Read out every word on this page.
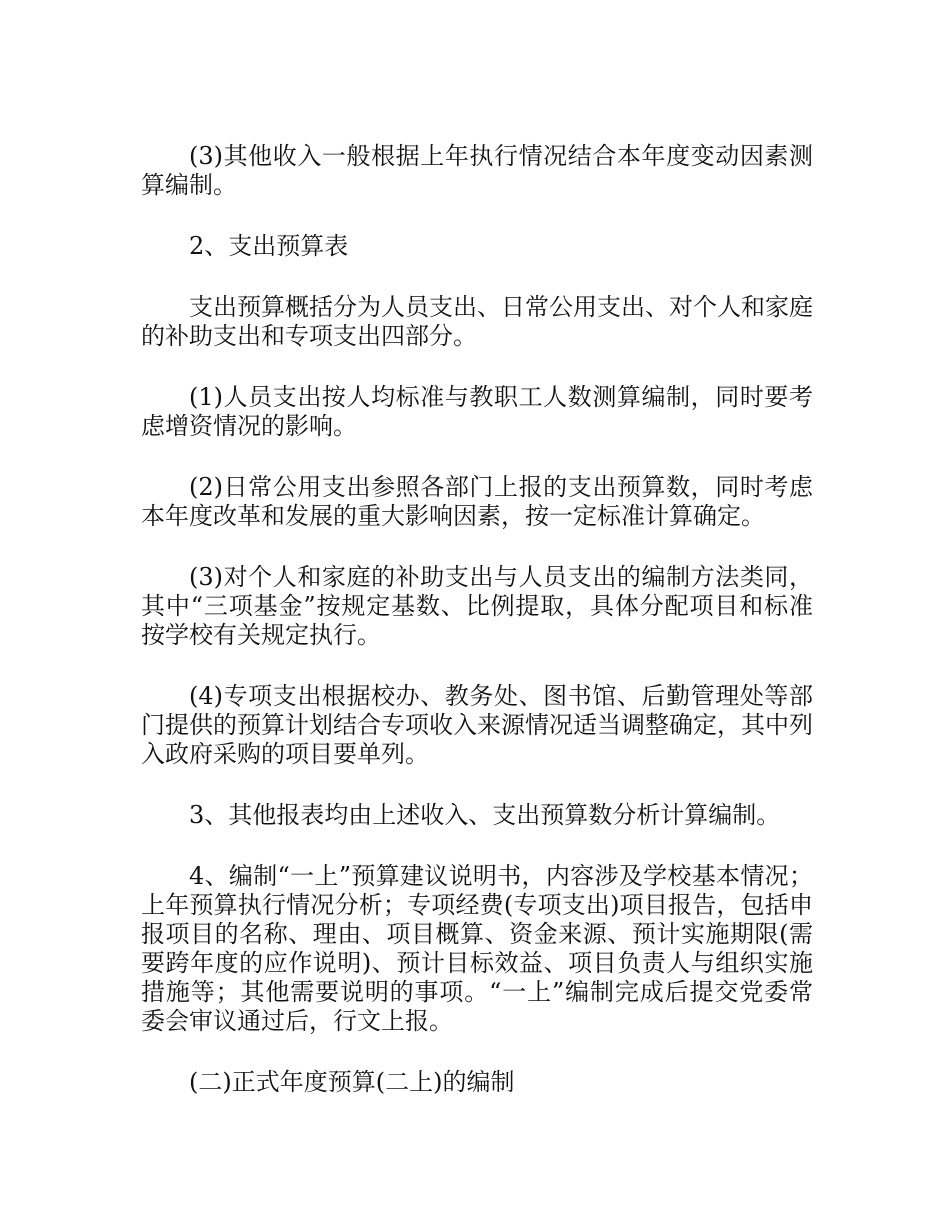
(3)其他收入一般根据上年执行情况结合本年度变动因素测算编制。

2、支出预算表

支出预算概括分为人员支出、日常公用支出、对个人和家庭的补助支出和专项支出四部分。

(1)人员支出按人均标准与教职工人数测算编制，同时要考虑增资情况的影响。

(2)日常公用支出参照各部门上报的支出预算数，同时考虑本年度改革和发展的重大影响因素，按一定标准计算确定。

(3)对个人和家庭的补助支出与人员支出的编制方法类同，其中“三项基金”按规定基数、比例提取，具体分配项目和标准按学校有关规定执行。

(4)专项支出根据校办、教务处、图书馆、后勤管理处等部门提供的预算计划结合专项收入来源情况适当调整确定，其中列入政府采购的项目要单列。

3、其他报表均由上述收入、支出预算数分析计算编制。

4、编制“一上”预算建议说明书，内容涉及学校基本情况；上年预算执行情况分析；专项经费(专项支出)项目报告，包括申报项目的名称、理由、项目概算、资金来源、预计实施期限(需要跨年度的应作说明)、预计目标效益、项目负责人与组织实施措施等；其他需要说明的事项。“一上”编制完成后提交党委常委会审议通过后，行文上报。

(二)正式年度预算(二上)的编制
